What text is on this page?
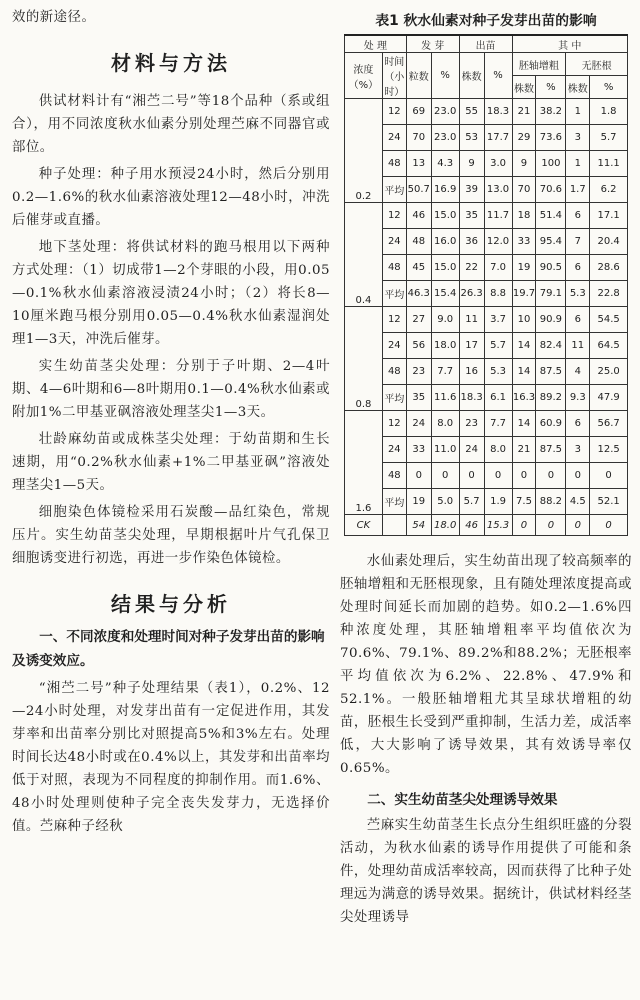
效的新途径。

材料与方法

供试材料计有“湘苎二号”等18个品种（系或组合），用不同浓度秋水仙素分别处理苎麻不同器官或部位。

种子处理：种子用水预浸24小时，然后分别用0.2—1.6%的秋水仙素溶液处理12—48小时，冲洗后催芽或直播。

地下茎处理：将供试材料的跑马根用以下两种方式处理：（1）切成带1—2个芽眼的小段，用0.05—0.1%秋水仙素溶液浸渍24小时；（2）将长8—10厘米跑马根分别用0.05—0.4%秋水仙素湿润处理1—3天，冲洗后催芽。

实生幼苗茎尖处理：分别于子叶期、2—4叶期、4—6叶期和6—8叶期用0.1—0.4%秋水仙素或附加1%二甲基亚砜溶液处理茎尖1—3天。

壮龄麻幼苗或成株茎尖处理：于幼苗期和生长速期，用“0.2%秋水仙素+1%二甲基亚砜”溶液处理茎尖1—5天。

细胞染色体镜检采用石炭酸—品红染色，常规压片。实生幼苗茎尖处理，早期根据叶片气孔保卫细胞诱变进行初选，再进一步作染色体镜检。

结果与分析

一、不同浓度和处理时间对种子发芽出苗的影响及诱变效应。

“湘苎二号”种子处理结果（表1），0.2%、12—24小时处理，对发芽出苗有一定促进作用，其发芽率和出苗率分别比对照提高5%和3%左右。处理时间长达48小时或在0.4%以上，其发芽和出苗率均低于对照，表现为不同程度的抑制作用。而1.6%、48小时处理则使种子完全丧失发芽力，无选择价值。苎麻种子经秋

表1 秋水仙素对种子发芽出苗的影响

处 理		发 芽		出苗		其 中			
浓度（%）	时间（小时）	粒数	%	株数	%	胚轴增粗		无胚根	
						株数	%	株数	%
0.2	12	69	23.0	55	18.3	21	38.2	1	1.8
	24	70	23.0	53	17.7	29	73.6	3	5.7
	48	13	4.3	9	3.0	9	100	1	11.1
	平均	50.7	16.9	39	13.0	70	70.6	1.7	6.2
0.4	12	46	15.0	35	11.7	18	51.4	6	17.1
	24	48	16.0	36	12.0	33	95.4	7	20.4
	48	45	15.0	22	7.0	19	90.5	6	28.6
	平均	46.3	15.4	26.3	8.8	19.7	79.1	5.3	22.8
0.8	12	27	9.0	11	3.7	10	90.9	6	54.5
	24	56	18.0	17	5.7	14	82.4	11	64.5
	48	23	7.7	16	5.3	14	87.5	4	25.0
	平均	35	11.6	18.3	6.1	16.3	89.2	9.3	47.9
1.6	12	24	8.0	23	7.7	14	60.9	6	56.7
	24	33	11.0	24	8.0	21	87.5	3	12.5
	48	0	0	0	0	0	0	0	0
	平均	19	5.0	5.7	1.9	7.5	88.2	4.5	52.1
CK		54	18.0	46	15.3	0	0	0	0

水仙素处理后，实生幼苗出现了较高频率的胚轴增粗和无胚根现象，且有随处理浓度提高或处理时间延长而加剧的趋势。如0.2—1.6%四种浓度处理，其胚轴增粗率平均值依次为70.6%、79.1%、89.2%和88.2%；无胚根率平均值依次为6.2%、22.8%、47.9%和52.1%。一般胚轴增粗尤其呈球状增粗的幼苗，胚根生长受到严重抑制，生活力差，成活率低，大大影响了诱导效果，其有效诱导率仅0.65%。

二、实生幼苗茎尖处理诱导效果

苎麻实生幼苗茎生长点分生组织旺盛的分裂活动，为秋水仙素的诱导作用提供了可能和条件，处理幼苗成活率较高，因而获得了比种子处理远为满意的诱导效果。据统计，供试材料经茎尖处理诱导
